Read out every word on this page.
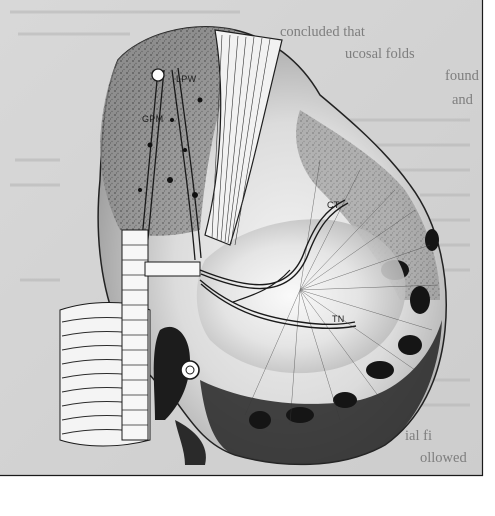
concluded that
ucosal folds
found
and
ial fi
ollowed
LPW
GPM
CT
TN
